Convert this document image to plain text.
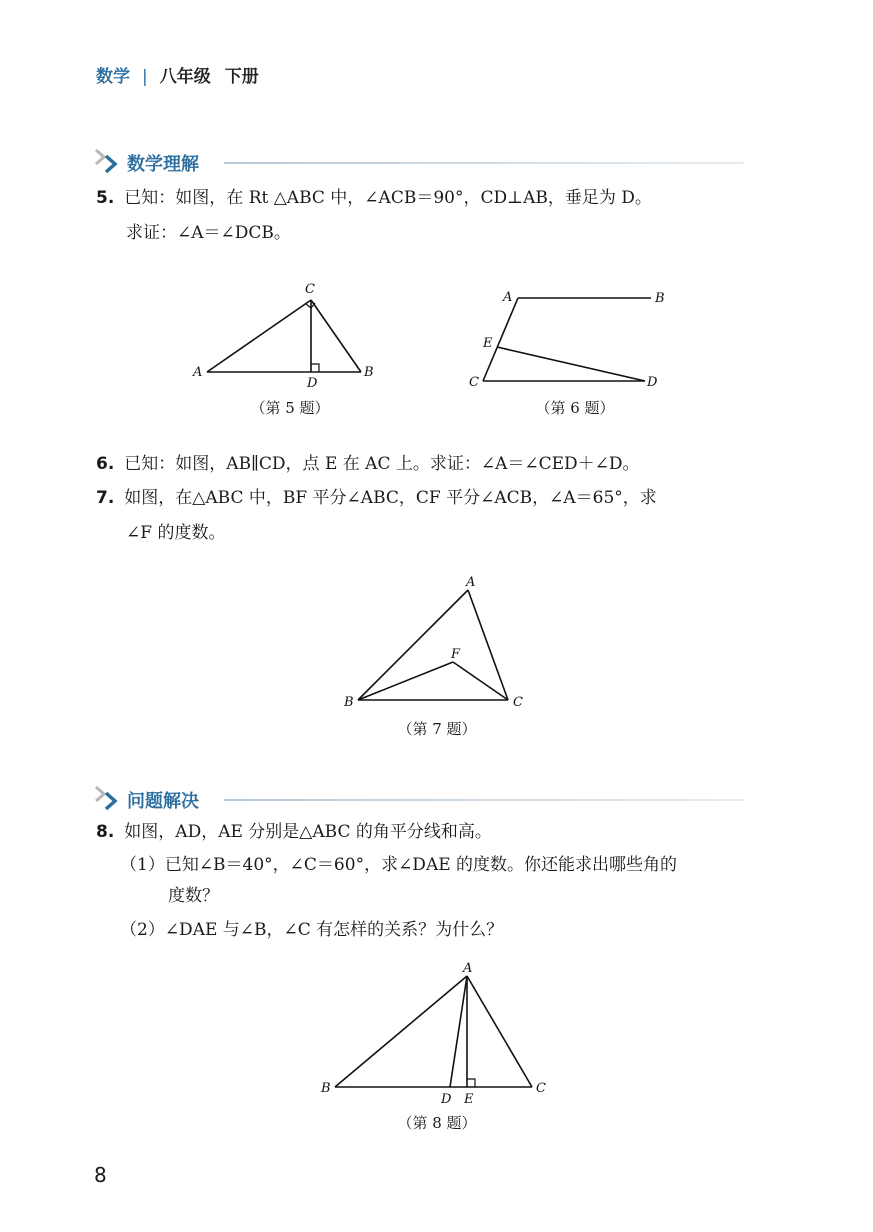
数学 | 八年级 下册
数学理解
5. 已知：如图，在 Rt △ABC 中，∠ACB＝90°，CD⊥AB，垂足为 D。
求证：∠A＝∠DCB。
C
A	B
D
（第 5 题）
A	B
E
C	D
（第 6 题）
6. 已知：如图，AB∥CD，点 E 在 AC 上。求证：∠A＝∠CED＋∠D。
7. 如图，在△ABC 中，BF 平分∠ABC，CF 平分∠ACB，∠A＝65°，求
∠F 的度数。
A
F
B	C
（第 7 题）
问题解决
8. 如图，AD，AE 分别是△ABC 的角平分线和高。
（1）已知∠B＝40°，∠C＝60°，求∠DAE 的度数。你还能求出哪些角的
度数？
（2）∠DAE 与∠B，∠C 有怎样的关系？为什么？
A
B	C
D E
（第 8 题）
8
